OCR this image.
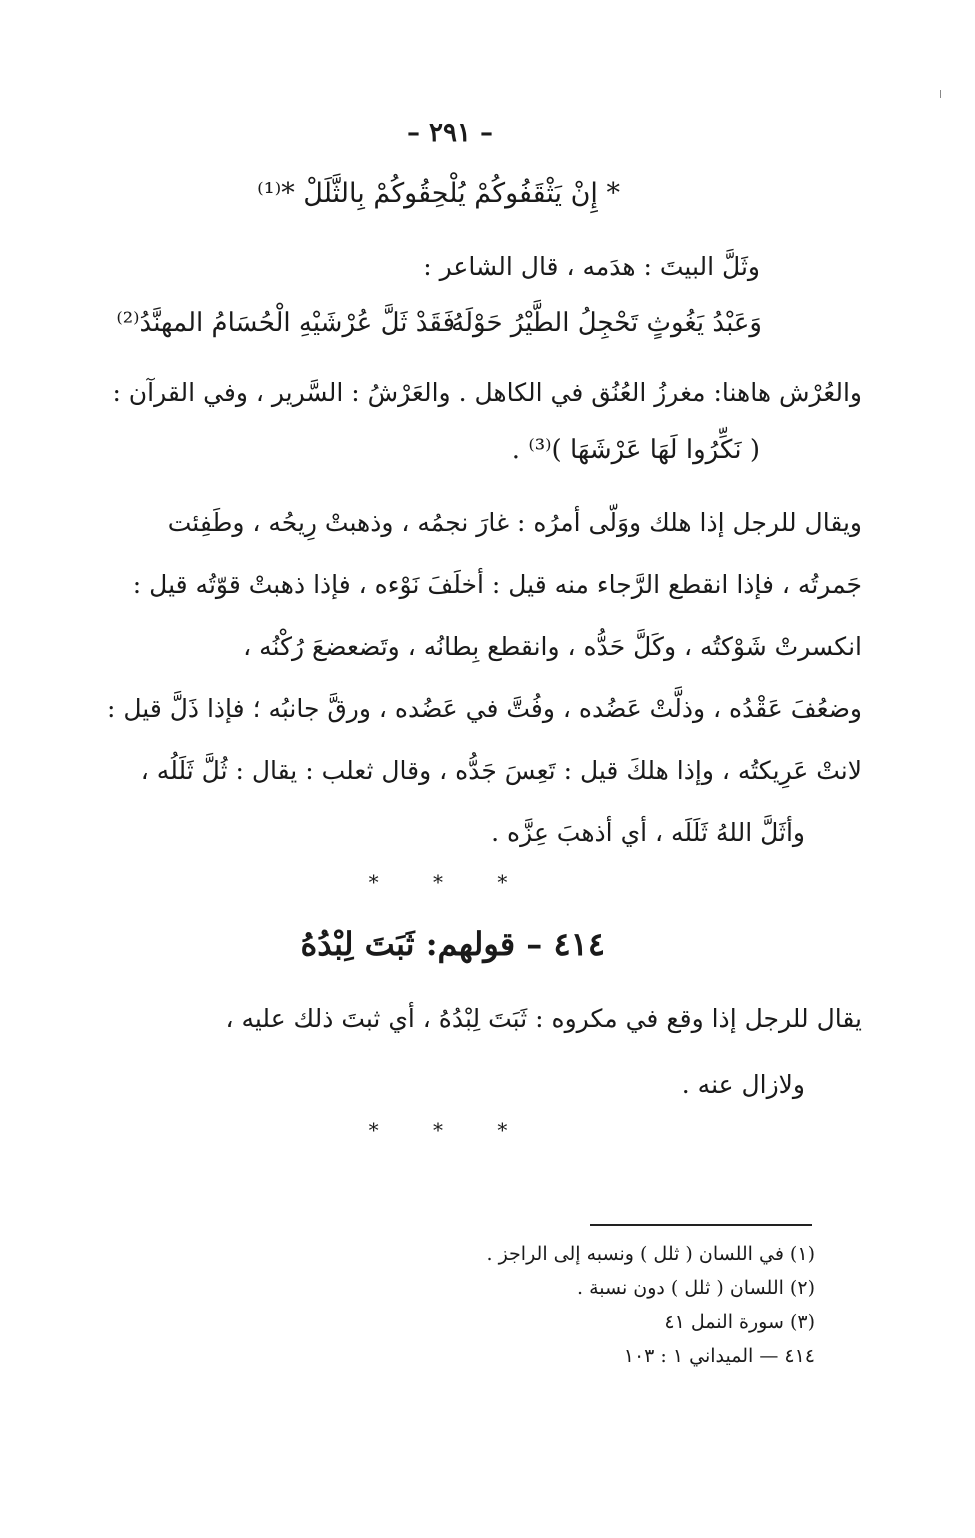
– ٢٩١ –
* إِنْ يَثْقَفُوكُمْ يُلْحِقُوكُمْ بِالثَّلَلْ *⁽¹⁾
وثَلَّ البيتَ : هدَمه ، قال الشاعر :
وَعَبْدُ يَغُوثٍ تَحْجِلُ الطَّيْرُ حَوْلَهُ
فَقَدْ ثَلَّ عُرْشَيْهِ الْحُسَامُ المهنَّدُ⁽²⁾
والعُرْش هاهنا: مغرزُ العُنُق في الكاهل . والعَرْشُ : السَّرير ، وفي القرآن :
( نَكِّرُوا لَهَا عَرْشَهَا )⁽³⁾ .
ويقال للرجل إذا هلك ووَلّى أمرُه : غارَ نجمُه ، وذهبتْ رِيحُه ، وطَفِئت
جَمرتُه ، فإذا انقطع الرَّجاء منه قيل : أخلَفَ نَوْءه ، فإذا ذهبتْ قوّتُه قيل :
انكسرتْ شَوْكتُه ، وكَلَّ حَدُّه ، وانقطع بِطانُه ، وتَضعضعَ رُكْنُه ،
وضعُفَ عَقْدُه ، وذلَّتْ عَضُده ، وفُتَّ في عَضُده ، ورقَّ جانبُه ؛ فإذا ذَلَّ قيل :
لانتْ عَرِيكتُه ، وإذا هلكَ قيل : تَعِسَ جَدُّه ، وقال ثعلب : يقال : ثُلَّ ثَلَلُه ،
وأثَلَّ اللهُ ثَلَلَه ، أي أذهبَ عِزَّه .
* * *
٤١٤ – قولهم: ثَبَتَ لِبْدُهُ
يقال للرجل إذا وقع في مكروه : ثَبَتَ لِبْدُهُ ، أي ثبتَ ذلك عليه ،
ولازال عنه .
* * *
(١) في اللسان ( ثلل ) ونسبه إلى الراجز .
(٢) اللسان ( ثلل ) دون نسبة .
(٣) سورة النمل ٤١
٤١٤ — الميداني ١ : ١٠٣
